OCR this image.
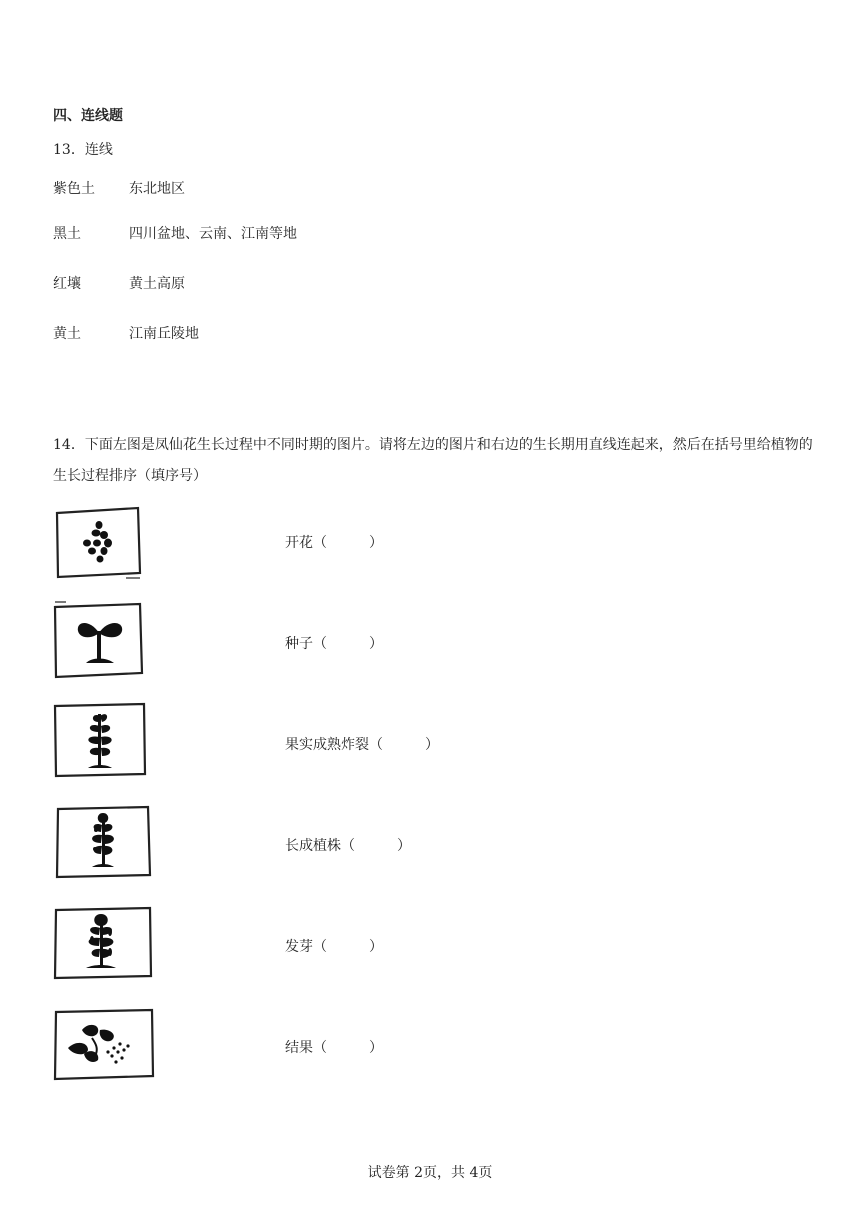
四、连线题
13．连线
紫色土 东北地区
黑土	四川盆地、云南、江南等地
红壤	黄土高原
黄土	江南丘陵地
14．下面左图是凤仙花生长过程中不同时期的图片。请将左边的图片和右边的生长期用直线连起来，然后在括号里给植物的生长过程排序（填序号）
开花（　　　）
种子（　　　）
果实成熟炸裂（　　　）
长成植株（　　　）
发芽（　　　）
结果（　　　）
试卷第 2页，共 4页
